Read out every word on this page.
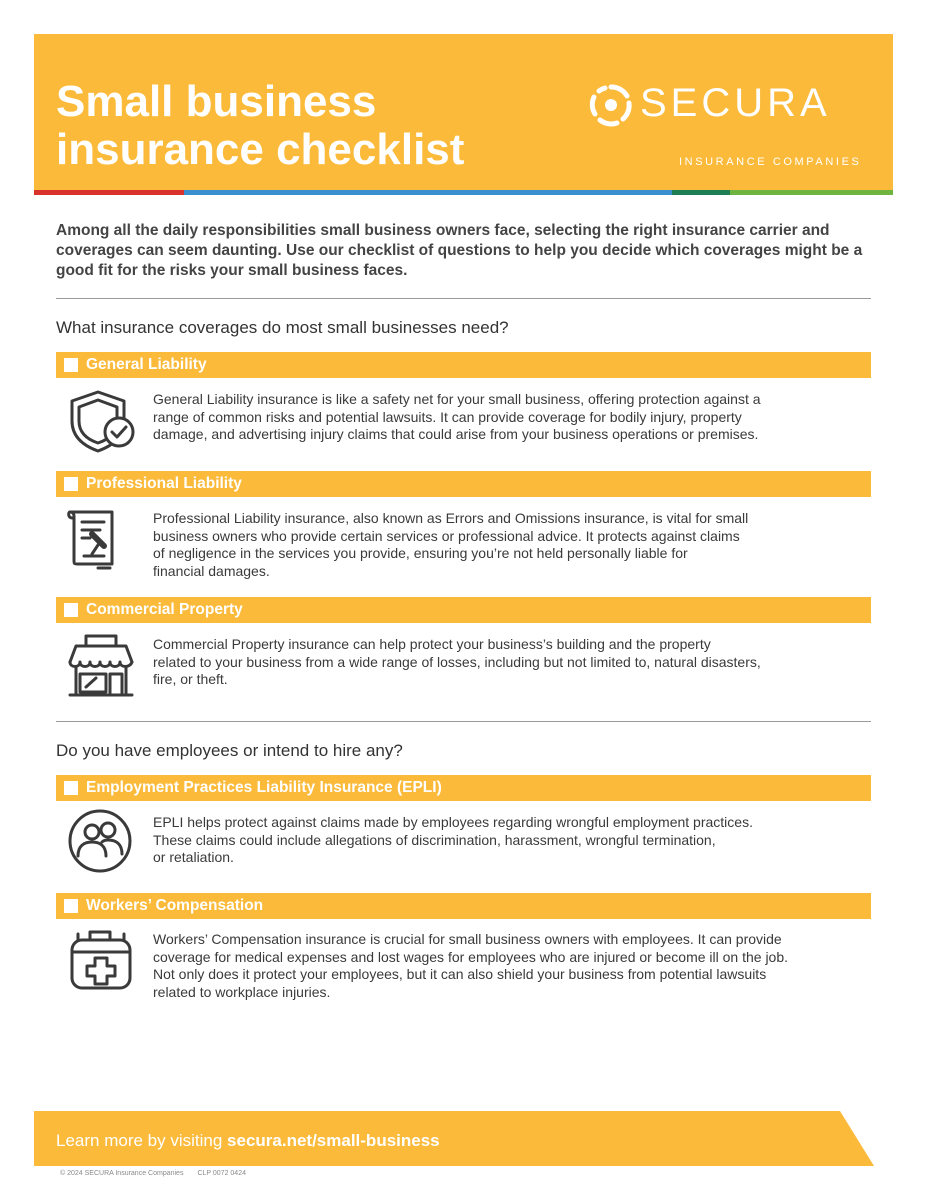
Small business
insurance checklist
SECURA
INSURANCE COMPANIES
Among all the daily responsibilities small business owners face, selecting the right insurance carrier and coverages can seem daunting. Use our checklist of questions to help you decide which coverages might be a good fit for the risks your small business faces.
What insurance coverages do most small businesses need?
General Liability
General Liability insurance is like a safety net for your small business, offering protection against a
range of common risks and potential lawsuits. It can provide coverage for bodily injury, property
damage, and advertising injury claims that could arise from your business operations or premises.
Professional Liability
Professional Liability insurance, also known as Errors and Omissions insurance, is vital for small
business owners who provide certain services or professional advice. It protects against claims
of negligence in the services you provide, ensuring you’re not held personally liable for
financial damages.
Commercial Property
Commercial Property insurance can help protect your business’s building and the property
related to your business from a wide range of losses, including but not limited to, natural disasters,
fire, or theft.
Do you have employees or intend to hire any?
Employment Practices Liability Insurance (EPLI)
EPLI helps protect against claims made by employees regarding wrongful employment practices.
These claims could include allegations of discrimination, harassment, wrongful termination,
or retaliation.
Workers’ Compensation
Workers’ Compensation insurance is crucial for small business owners with employees. It can provide
coverage for medical expenses and lost wages for employees who are injured or become ill on the job.
Not only does it protect your employees, but it can also shield your business from potential lawsuits
related to workplace injuries.
Learn more by visiting secura.net/small-business
© 2024 SECURA Insurance Companies CLP 0072 0424
